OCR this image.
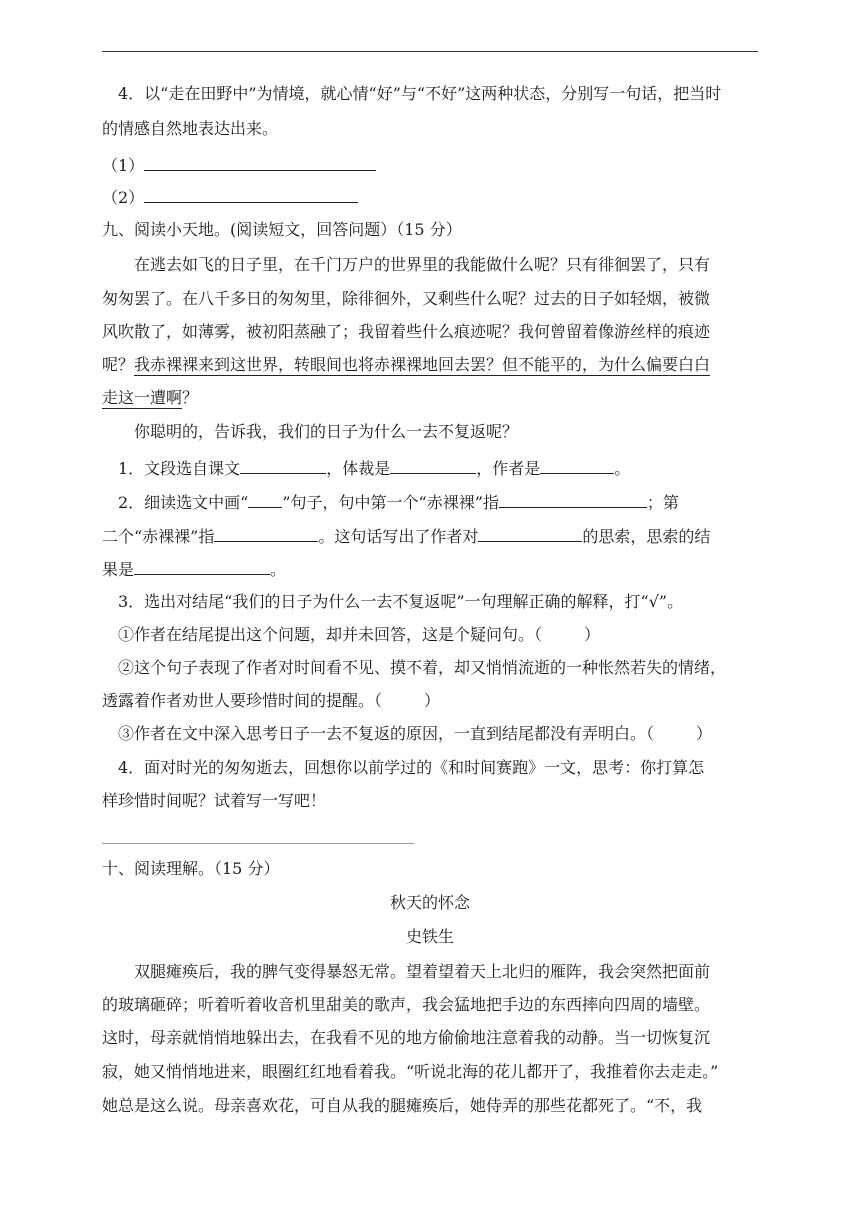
4．以“走在田野中”为情境，就心情“好”与“不好”这两种状态，分别写一句话，把当时
的情感自然地表达出来。
（1）
（2）
九、阅读小天地。(阅读短文，回答问题）（15 分）
在逃去如飞的日子里，在千门万户的世界里的我能做什么呢？只有徘徊罢了，只有
匆匆罢了。在八千多日的匆匆里，除徘徊外，又剩些什么呢？过去的日子如轻烟，被微
风吹散了，如薄雾，被初阳蒸融了；我留着些什么痕迹呢？我何曾留着像游丝样的痕迹
呢？我赤裸裸来到这世界，转眼间也将赤裸裸地回去罢？但不能平的，为什么偏要白白
走这一遭啊？
你聪明的，告诉我，我们的日子为什么一去不复返呢？
1．文段选自课文	，体裁是	，作者是	。
2．细读选文中画“ ”句子，句中第一个“赤裸裸”指	；第
二个“赤裸裸”指	。这句话写出了作者对	的思索，思索的结
果是	。
3．选出对结尾“我们的日子为什么一去不复返呢”一句理解正确的解释，打“√”。
①作者在结尾提出这个问题，却并未回答，这是个疑问句。（	）
②这个句子表现了作者对时间看不见、摸不着，却又悄悄流逝的一种怅然若失的情绪，
透露着作者劝世人要珍惜时间的提醒。（	）
③作者在文中深入思考日子一去不复返的原因，一直到结尾都没有弄明白。（	）
4．面对时光的匆匆逝去，回想你以前学过的《和时间赛跑》一文，思考：你打算怎
样珍惜时间呢？试着写一写吧！
十、阅读理解。（15 分）
秋天的怀念
史铁生
双腿瘫痪后，我的脾气变得暴怒无常。望着望着天上北归的雁阵，我会突然把面前
的玻璃砸碎；听着听着收音机里甜美的歌声，我会猛地把手边的东西摔向四周的墙壁。
这时，母亲就悄悄地躲出去，在我看不见的地方偷偷地注意着我的动静。当一切恢复沉
寂，她又悄悄地进来，眼圈红红地看着我。“听说北海的花儿都开了，我推着你去走走。”
她总是这么说。母亲喜欢花，可自从我的腿瘫痪后，她侍弄的那些花都死了。“不，我
